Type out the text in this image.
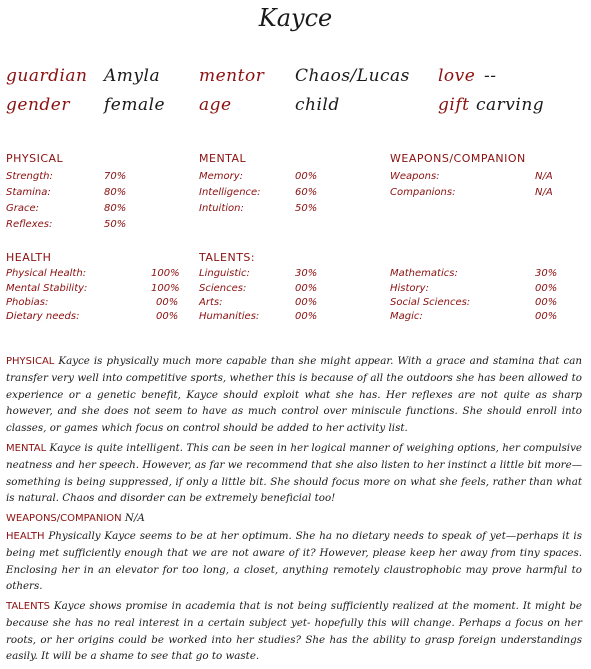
Kayce
guardian Amyla mentor Chaos/Lucas love --
gender female age	child	gift carving
PHYSICAL
Strength:	70%
Stamina:	80%
Grace:	80%
Reflexes:	50%
MENTAL
Memory:	00%
Intelligence:	60%
Intuition:	50%
WEAPONS/COMPANION
Weapons:	N/A
Companions:	N/A
HEALTH
Physical Health:	100%
Mental Stability:	100%
Phobias:	00%
Dietary needs:	00%
TALENTS:
Linguistic:	30%
Sciences:	00%
Arts:	00%
Humanities:	00%
Mathematics:	30%
History:	00%
Social Sciences:	00%
Magic:	00%

PHYSICAL Kayce is physically much more capable than she might appear. With a grace and stamina that can transfer very well into competitive sports, whether this is because of all the outdoors she has been allowed to experience or a genetic benefit, Kayce should exploit what she has. Her reflexes are not quite as sharp however, and she does not seem to have as much control over miniscule functions. She should enroll into classes, or games which focus on control should be added to her activity list.

MENTAL Kayce is quite intelligent. This can be seen in her logical manner of weighing options, her compulsive neatness and her speech. However, as far we recommend that she also listen to her instinct a little bit more—something is being suppressed, if only a little bit. She should focus more on what she feels, rather than what is natural. Chaos and disorder can be extremely beneficial too!

WEAPONS/COMPANION N/A

HEALTH Physically Kayce seems to be at her optimum. She ha no dietary needs to speak of yet—perhaps it is being met sufficiently enough that we are not aware of it? However, please keep her away from tiny spaces. Enclosing her in an elevator for too long, a closet, anything remotely claustrophobic may prove harmful to others.

TALENTS Kayce shows promise in academia that is not being sufficiently realized at the moment. It might be because she has no real interest in a certain subject yet- hopefully this will change. Perhaps a focus on her roots, or her origins could be worked into her studies? She has the ability to grasp foreign understandings easily. It will be a shame to see that go to waste.
